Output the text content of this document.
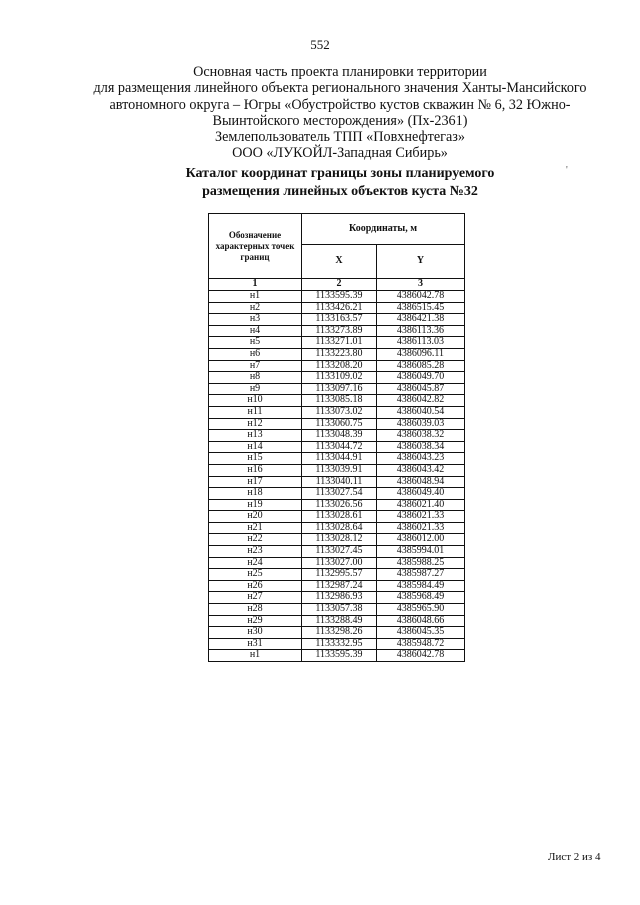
552
Основная часть проекта планировки территории
для размещения линейного объекта регионального значения Ханты-Мансийского
автономного округа – Югры «Обустройство кустов скважин № 6, 32 Южно-
Выинтойского месторождения» (Пх-2361)
Землепользователь ТПП «Повхнефтегаз»
ООО «ЛУКОЙЛ-Западная Сибирь»
Каталог координат границы зоны планируемого
размещения линейных объектов куста №32
'
Обозначение характерных точек границ	Координаты, м	
	X	Y
1	2	3
н1	1133595.39	4386042.78
н2	1133426.21	4386515.45
н3	1133163.57	4386421.38
н4	1133273.89	4386113.36
н5	1133271.01	4386113.03
н6	1133223.80	4386096.11
н7	1133208.20	4386085.28
н8	1133109.02	4386049.70
н9	1133097.16	4386045.87
н10	1133085.18	4386042.82
н11	1133073.02	4386040.54
н12	1133060.75	4386039.03
н13	1133048.39	4386038.32
н14	1133044.72	4386038.34
н15	1133044.91	4386043.23
н16	1133039.91	4386043.42
н17	1133040.11	4386048.94
н18	1133027.54	4386049.40
н19	1133026.56	4386021.40
н20	1133028.61	4386021.33
н21	1133028.64	4386021.33
н22	1133028.12	4386012.00
н23	1133027.45	4385994.01
н24	1133027.00	4385988.25
н25	1132995.57	4385987.27
н26	1132987.24	4385984.49
н27	1132986.93	4385968.49
н28	1133057.38	4385965.90
н29	1133288.49	4386048.66
н30	1133298.26	4386045.35
н31	1133332.95	4385948.72
н1	1133595.39	4386042.78
Лист 2 из 4
